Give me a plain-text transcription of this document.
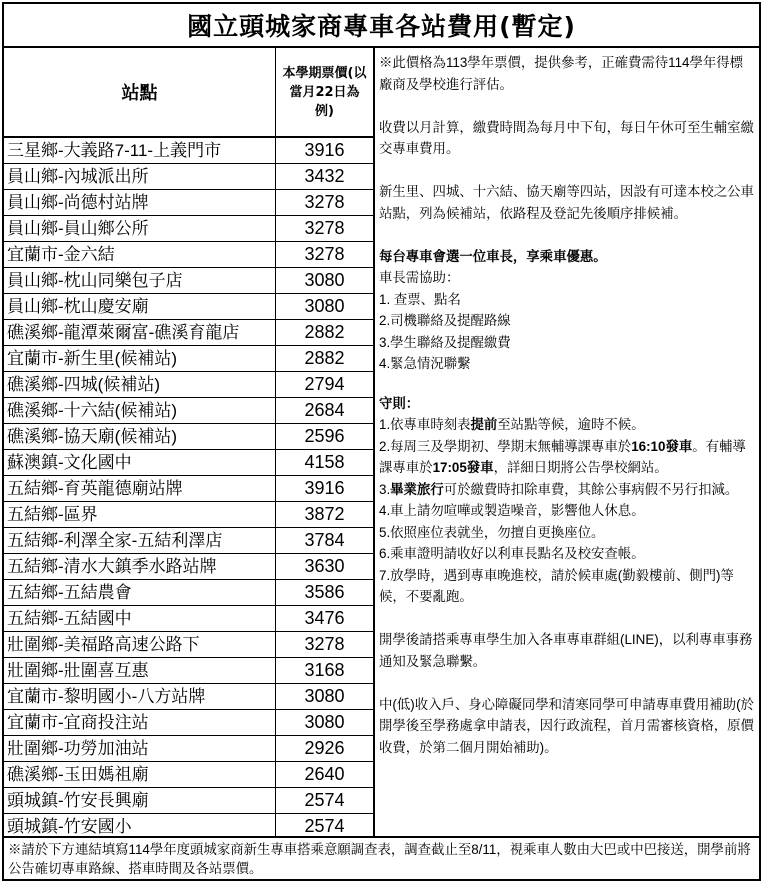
國立頭城家商專車各站費用(暫定)
站點
三星鄉-大義路7-11-上義門市
員山鄉-內城派出所
員山鄉-尚德村站牌
員山鄉-員山鄉公所
宜蘭市-金六結
員山鄉-枕山同樂包子店
員山鄉-枕山慶安廟
礁溪鄉-龍潭萊爾富-礁溪育龍店
宜蘭市-新生里(候補站)
礁溪鄉-四城(候補站)
礁溪鄉-十六結(候補站)
礁溪鄉-協天廟(候補站)
蘇澳鎮-文化國中
五結鄉-育英龍德廟站牌
五結鄉-區界
五結鄉-利澤全家-五結利澤店
五結鄉-清水大鎮季水路站牌
五結鄉-五結農會
五結鄉-五結國中
壯圍鄉-美福路高速公路下
壯圍鄉-壯圍喜互惠
宜蘭市-黎明國小-八方站牌
宜蘭市-宜商投注站
壯圍鄉-功勞加油站
礁溪鄉-玉田媽祖廟
頭城鎮-竹安長興廟
頭城鎮-竹安國小
本學期票價(以當月22日為例)
3916
3432
3278
3278
3278
3080
3080
2882
2882
2794
2684
2596
4158
3916
3872
3784
3630
3586
3476
3278
3168
3080
3080
2926
2640
2574
2574

※此價格為113學年票價，提供參考，正確費需待114學年得標廠商及學校進行評估。

收費以月計算，繳費時間為每月中下旬，每日午休可至生輔室繳交專車費用。

新生里、四城、十六結、協天廟等四站，因設有可達本校之公車站點，列為候補站，依路程及登記先後順序排候補。

每台專車會選一位車長，享乘車優惠。

車長需協助：

1. 查票、點名

2.司機聯絡及提醒路線

3.學生聯絡及提醒繳費

4.緊急情況聯繫

守則：

1.依專車時刻表提前至站點等候，逾時不候。

2.每周三及學期初、學期末無輔導課專車於16:10發車。有輔導課專車於17:05發車，詳細日期將公告學校網站。

3.畢業旅行可於繳費時扣除車費，其餘公事病假不另行扣減。

4.車上請勿喧嘩或製造噪音，影響他人休息。

5.依照座位表就坐，勿擅自更換座位。

6.乘車證明請收好以利車長點名及校安查帳。

7.放學時，遇到專車晚進校，請於候車處(勤毅樓前、側門)等候，不要亂跑。

開學後請搭乘專車學生加入各車專車群組(LINE)，以利專車事務通知及緊急聯繫。

中(低)收入戶、身心障礙同學和清寒同學可申請專車費用補助(於開學後至學務處拿申請表，因行政流程，首月需審核資格，原價收費，於第二個月開始補助)。

※請於下方連結填寫114學年度頭城家商新生專車搭乘意願調查表，調查截止至8/11，視乘車人數由大巴或中巴接送，開學前將公告確切專車路線、搭車時間及各站票價。
